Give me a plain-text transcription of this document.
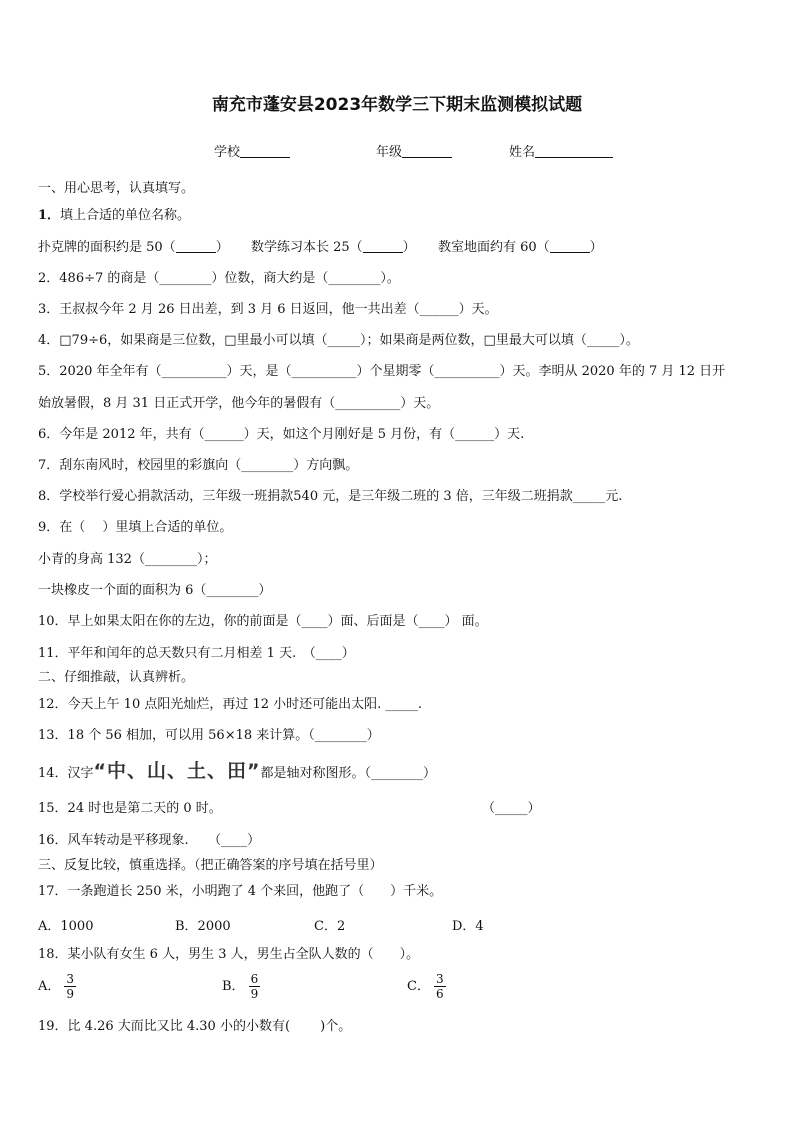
南充市蓬安县2023年数学三下期末监测模拟试题
学校	年级	姓名
一、用心思考，认真填写。
1．填上合适的单位名称。
扑克牌的面积约是 50（	） 数学练习本长 25（	） 教室地面约有 60（	）
2．486÷7 的商是（________）位数，商大约是（________）。
3．王叔叔今年 2 月 26 日出差，到 3 月 6 日返回，他一共出差（______）天。
4．□79÷6，如果商是三位数，□里最小可以填（_____）；如果商是两位数，□里最大可以填（_____）。
5．2020 年全年有（__________）天，是（__________）个星期零（__________）天。李明从 2020 年的 7 月 12 日开
始放暑假，8 月 31 日正式开学，他今年的暑假有（__________）天。
6．今年是 2012 年，共有（______）天，如这个月刚好是 5 月份，有（______）天.
7．刮东南风时，校园里的彩旗向（________）方向飘。
8．学校举行爱心捐款活动，三年级一班捐款540 元，是三年级二班的 3 倍，三年级二班捐款_____元.
9．在（　 ）里填上合适的单位。
小青的身高 132（________）；
一块橡皮一个面的面积为 6（________）
10．早上如果太阳在你的左边，你的前面是（____）面、后面是（____） 面。
11．平年和闰年的总天数只有二月相差 1 天.　（____）
二、仔细推敲，认真辨析。
12．今天上午 10 点阳光灿烂，再过 12 小时还可能出太阳. _____.
13．18 个 56 相加，可以用 56×18 来计算。（________）
14．汉字“中、山、土、田”都是轴对称图形。（________）
15．24 时也是第二天的 0 时。	（_____）
16．风车转动是平移现象.　　（____）
三、反复比较，慎重选择。（把正确答案的序号填在括号里）
17．一条跑道长 250 米，小明跑了 4 个来回，他跑了（　　）千米。
A．1000	B．2000	C．2	D．4
18．某小队有女生 6 人，男生 3 人，男生占全队人数的（　　）。
A． $\frac{3}{9}$	B． $\frac{6}{9}$	C． $\frac{3}{6}$
19．比 4.26 大而比又比 4.30 小的小数有(　　 )个。
